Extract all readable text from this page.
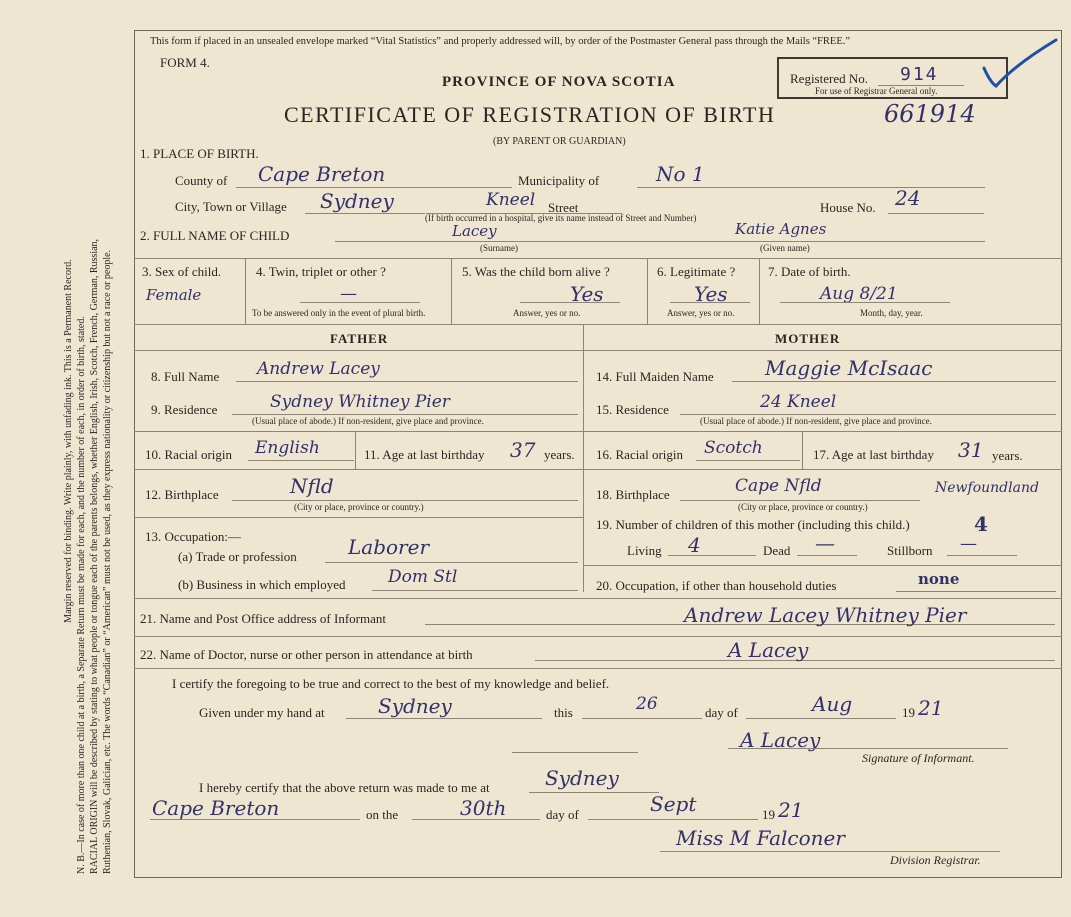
Margin reserved for binding. Write plainly, with unfading ink. This is a Permanent Record. N. B.—In case of more than one child at a birth, a Separate Return must be made for each, and the number of each, in order of birth, stated. RACIAL ORIGIN will be described by stating to what people or tongue each of the parents belongs, whether English, Irish, Scotch, French, German, Russian, Ruthenian, Slovak, Galician, etc. The words “Canadian” or “American” must not be used, as they express nationality or citizenship but not a race or people.
This form if placed in an unsealed envelope marked “Vital Statistics” and properly addressed will, by order of the Postmaster General pass through the Mails “FREE.”
FORM 4.
PROVINCE OF NOVA SCOTIA	Registered No. 914
For use of Registrar General only.
CERTIFICATE OF REGISTRATION OF BIRTH	661914
(BY PARENT OR GUARDIAN)
1. PLACE OF BIRTH.
County of Cape Breton	Municipality of	No 1
City, Town or Village Sydney	Kneel Street	House No. 24
(If birth occurred in a hospital, give its name instead of Street and Number)
2. FULL NAME OF CHILD	Lacey
(Surname)
Katie Agnes
(Given name)
3. Sex of child.
Female
4. Twin, triplet or other ?
—
To be answered only in the event of plural birth.
5. Was the child born alive ?
Yes
Answer, yes or no.
6. Legitimate ?
Yes
Answer, yes or no.
7. Date of birth.
Aug 8/21
Month, day, year.
FATHER	MOTHER
8. Full Name Andrew Lacey
9. Residence	Sydney Whitney Pier
(Usual place of abode.) If non-resident, give place and province.
10. Racial origin English	11. Age at last birthday 37 years.
12. Birthplace	Nfld
(City or place, province or country.)
13. Occupation:—
(a) Trade or profession	Laborer
(b) Business in which employed Dom Stl
14. Full Maiden Name	Maggie McIsaac
15. Residence	24 Kneel
(Usual place of abode.) If non-resident, give place and province.
16. Racial origin Scotch	17. Age at last birthday 31 years.
18. Birthplace	Cape Nfld	Newfoundland
(City or place, province or country.)
19. Number of children of this mother (including this child.)	4
Living 4	Dead —	Stillborn —
20. Occupation, if other than household duties	none
21. Name and Post Office address of Informant	Andrew Lacey Whitney Pier
22. Name of Doctor, nurse or other person in attendance at birth	A Lacey
I certify the foregoing to be true and correct to the best of my knowledge and belief.
Given under my hand at	Sydney	this	26	day of	Aug	19 21
A Lacey
Signature of Informant.
I hereby certify that the above return was made to me at	Sydney
Cape Breton	on the	30th	day of	Sept	19 21
Miss M Falconer
Division Registrar.
